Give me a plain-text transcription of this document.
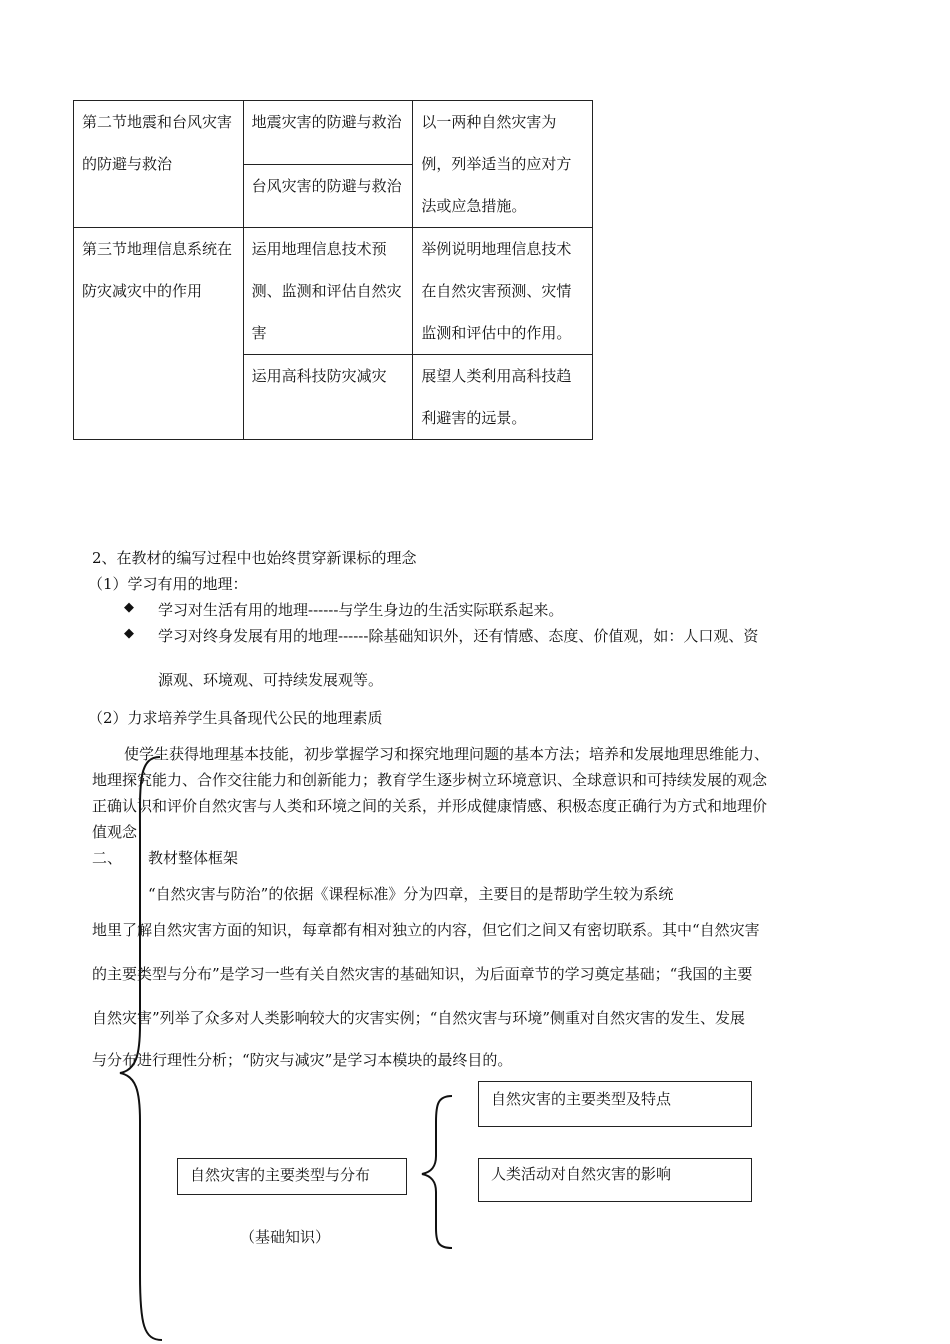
第二节地震和台风灾害的防避与救治	地震灾害的防避与救治	以一两种自然灾害为例，列举适当的应对方法或应急措施。
	台风灾害的防避与救治	
第三节地理信息系统在防灾减灾中的作用	运用地理信息技术预测、监测和评估自然灾害	举例说明地理信息技术在自然灾害预测、灾情监测和评估中的作用。
	运用高科技防灾减灾	展望人类利用高科技趋利避害的远景。
2、在教材的编写过程中也始终贯穿新课标的理念
（1）学习有用的地理：
◆ 学习对生活有用的地理------与学生身边的生活实际联系起来。
◆ 学习对终身发展有用的地理------除基础知识外，还有情感、态度、价值观，如：人口观、资
源观、环境观、可持续发展观等。
（2）力求培养学生具备现代公民的地理素质
使学生获得地理基本技能，初步掌握学习和探究地理问题的基本方法；培养和发展地理思维能力、
地理探究能力、合作交往能力和创新能力；教育学生逐步树立环境意识、全球意识和可持续发展的观念
正确认识和评价自然灾害与人类和环境之间的关系，并形成健康情感、积极态度正确行为方式和地理价
值观念
二、 教材整体框架
“自然灾害与防治”的依据《课程标准》分为四章，主要目的是帮助学生较为系统
地里了解自然灾害方面的知识，每章都有相对独立的内容，但它们之间又有密切联系。其中“自然灾害
的主要类型与分布”是学习一些有关自然灾害的基础知识，为后面章节的学习奠定基础；“我国的主要
自然灾害”列举了众多对人类影响较大的灾害实例；“自然灾害与环境”侧重对自然灾害的发生、发展
与分布进行理性分析；“防灾与减灾”是学习本模块的最终目的。
自然灾害的主要类型与分布
（基础知识）
自然灾害的主要类型及特点
人类活动对自然灾害的影响
